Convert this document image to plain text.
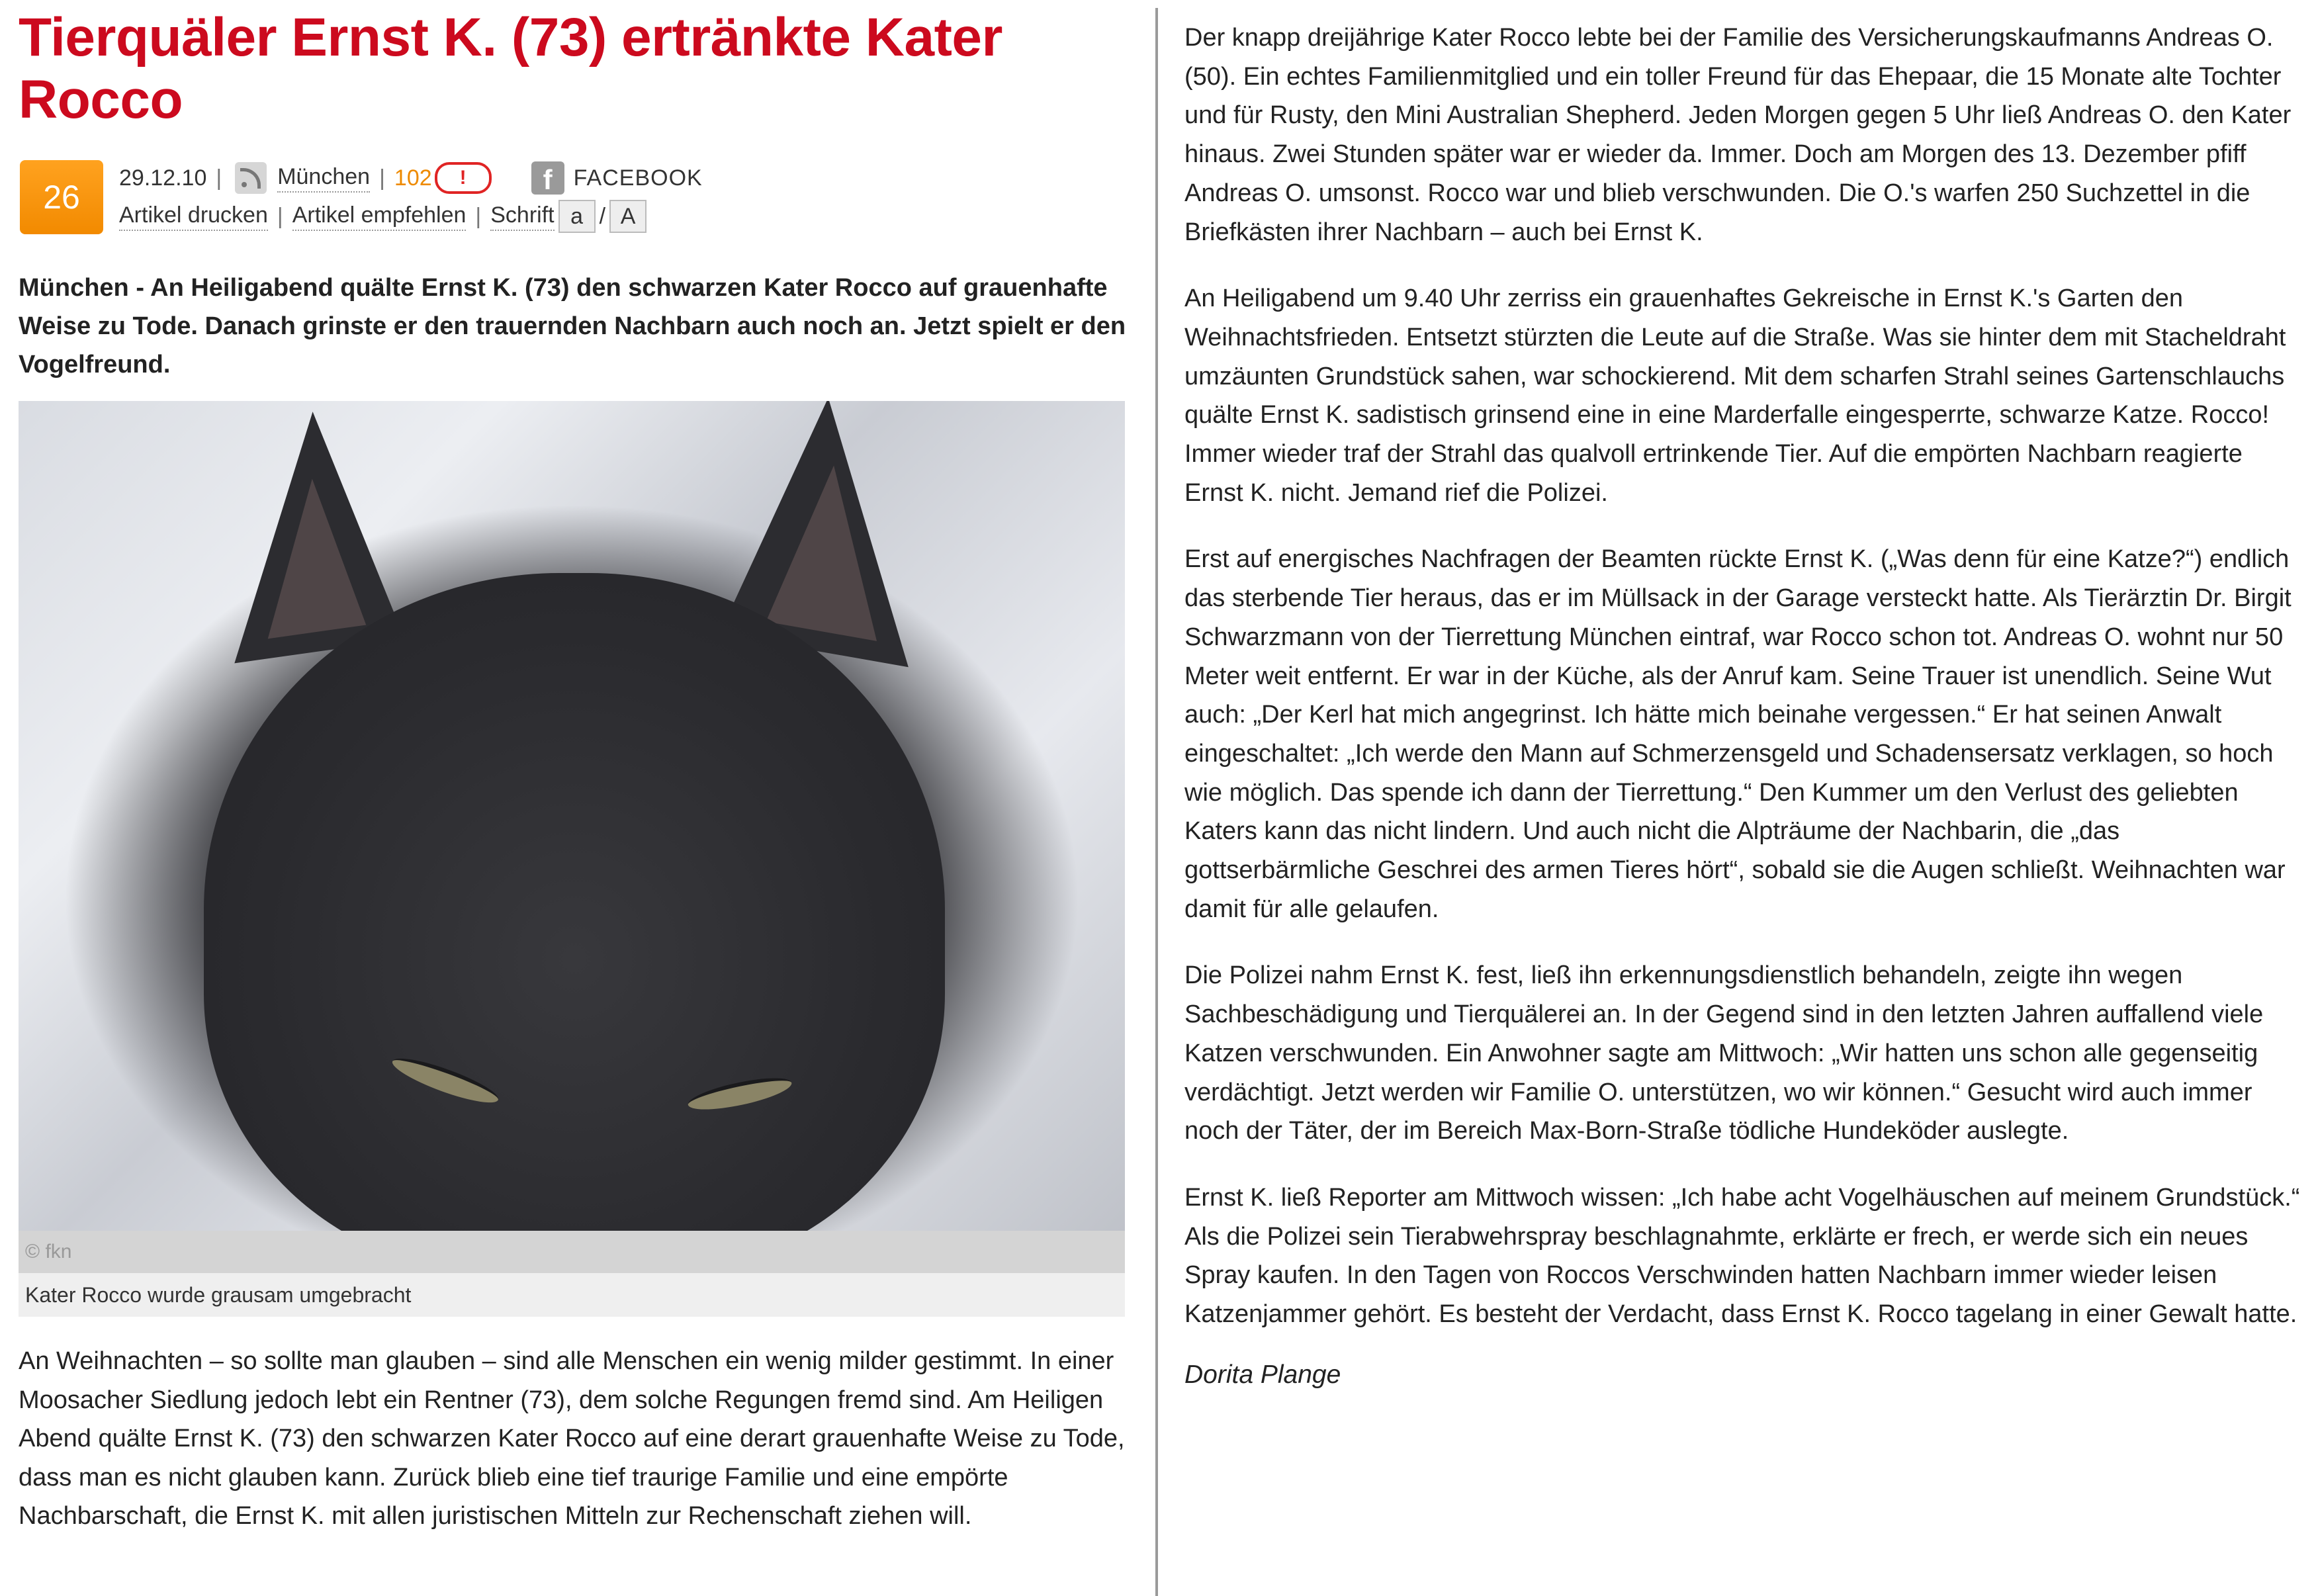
Tierquäler Ernst K. (73) ertränkte Kater Rocco
26
29.12.10 | München | 102	!	f FACEBOOK
Artikel drucken | Artikel empfehlen | Schrift a / A

München - An Heiligabend quälte Ernst K. (73) den schwarzen Kater Rocco auf grauenhafte Weise zu Tode. Danach grinste er den trauernden Nachbarn auch noch an. Jetzt spielt er den Vogelfreund.

© fkn
Kater Rocco wurde grausam umgebracht

An Weihnachten – so sollte man glauben – sind alle Menschen ein wenig milder gestimmt. In einer Moosacher Siedlung jedoch lebt ein Rentner (73), dem solche Regungen fremd sind. Am Heiligen Abend quälte Ernst K. (73) den schwarzen Kater Rocco auf eine derart grauenhafte Weise zu Tode, dass man es nicht glauben kann. Zurück blieb eine tief traurige Familie und eine empörte Nachbarschaft, die Ernst K. mit allen juristischen Mitteln zur Rechenschaft ziehen will.

Der knapp dreijährige Kater Rocco lebte bei der Familie des Versicherungskaufmanns Andreas O. (50). Ein echtes Familienmitglied und ein toller Freund für das Ehepaar, die 15 Monate alte Tochter und für Rusty, den Mini Australian Shepherd. Jeden Morgen gegen 5 Uhr ließ Andreas O. den Kater hinaus. Zwei Stunden später war er wieder da. Immer. Doch am Morgen des 13. Dezember pfiff Andreas O. umsonst. Rocco war und blieb verschwunden. Die O.'s warfen 250 Suchzettel in die Briefkästen ihrer Nachbarn – auch bei Ernst K.

An Heiligabend um 9.40 Uhr zerriss ein grauenhaftes Gekreische in Ernst K.'s Garten den Weihnachtsfrieden. Entsetzt stürzten die Leute auf die Straße. Was sie hinter dem mit Stacheldraht umzäunten Grundstück sahen, war schockierend. Mit dem scharfen Strahl seines Gartenschlauchs quälte Ernst K. sadistisch grinsend eine in eine Marderfalle eingesperrte, schwarze Katze. Rocco! Immer wieder traf der Strahl das qualvoll ertrinkende Tier. Auf die empörten Nachbarn reagierte Ernst K. nicht. Jemand rief die Polizei.

Erst auf energisches Nachfragen der Beamten rückte Ernst K. („Was denn für eine Katze?“) endlich das sterbende Tier heraus, das er im Müllsack in der Garage versteckt hatte. Als Tierärztin Dr. Birgit Schwarzmann von der Tierrettung München eintraf, war Rocco schon tot. Andreas O. wohnt nur 50 Meter weit entfernt. Er war in der Küche, als der Anruf kam. Seine Trauer ist unendlich. Seine Wut auch: „Der Kerl hat mich angegrinst. Ich hätte mich beinahe vergessen.“ Er hat seinen Anwalt eingeschaltet: „Ich werde den Mann auf Schmerzensgeld und Schadensersatz verklagen, so hoch wie möglich. Das spende ich dann der Tierrettung.“ Den Kummer um den Verlust des geliebten Katers kann das nicht lindern. Und auch nicht die Alpträume der Nachbarin, die „das gottserbärmliche Geschrei des armen Tieres hört“, sobald sie die Augen schließt. Weihnachten war damit für alle gelaufen.

Die Polizei nahm Ernst K. fest, ließ ihn erkennungsdienstlich behandeln, zeigte ihn wegen Sachbeschädigung und Tierquälerei an. In der Gegend sind in den letzten Jahren auffallend viele Katzen verschwunden. Ein Anwohner sagte am Mittwoch: „Wir hatten uns schon alle gegenseitig verdächtigt. Jetzt werden wir Familie O. unterstützen, wo wir können.“ Gesucht wird auch immer noch der Täter, der im Bereich Max-Born-Straße tödliche Hundeköder auslegte.

Ernst K. ließ Reporter am Mittwoch wissen: „Ich habe acht Vogelhäuschen auf meinem Grundstück.“ Als die Polizei sein Tierabwehrspray beschlagnahmte, erklärte er frech, er werde sich ein neues Spray kaufen. In den Tagen von Roccos Verschwinden hatten Nachbarn immer wieder leisen Katzenjammer gehört. Es besteht der Verdacht, dass Ernst K. Rocco tagelang in einer Gewalt hatte.

Dorita Plange
